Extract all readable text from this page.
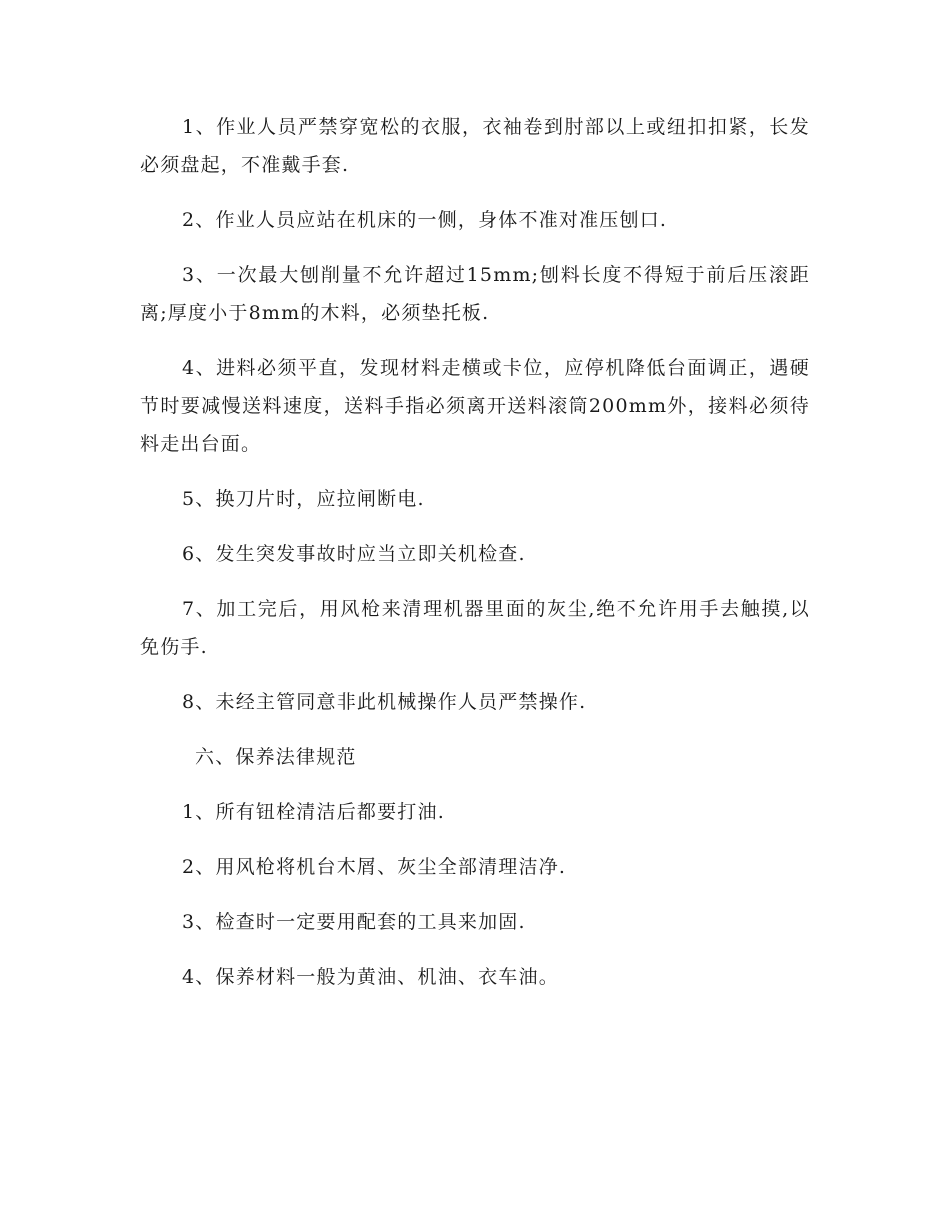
1、作业人员严禁穿宽松的衣服，衣袖卷到肘部以上或纽扣扣紧，长发必须盘起，不准戴手套.

2、作业人员应站在机床的一侧，身体不准对准压刨口.

3、一次最大刨削量不允许超过15mm;刨料长度不得短于前后压滚距离;厚度小于8mm的木料，必须垫托板.

4、进料必须平直，发现材料走横或卡位，应停机降低台面调正，遇硬节时要减慢送料速度，送料手指必须离开送料滚筒200mm外，接料必须待料走出台面。

5、换刀片时，应拉闸断电.

6、发生突发事故时应当立即关机检查.

7、加工完后，用风枪来清理机器里面的灰尘,绝不允许用手去触摸,以免伤手.

8、未经主管同意非此机械操作人员严禁操作.

六、保养法律规范

1、所有钮栓清洁后都要打油.

2、用风枪将机台木屑、灰尘全部清理洁净.

3、检查时一定要用配套的工具来加固.

4、保养材料一般为黄油、机油、衣车油。
